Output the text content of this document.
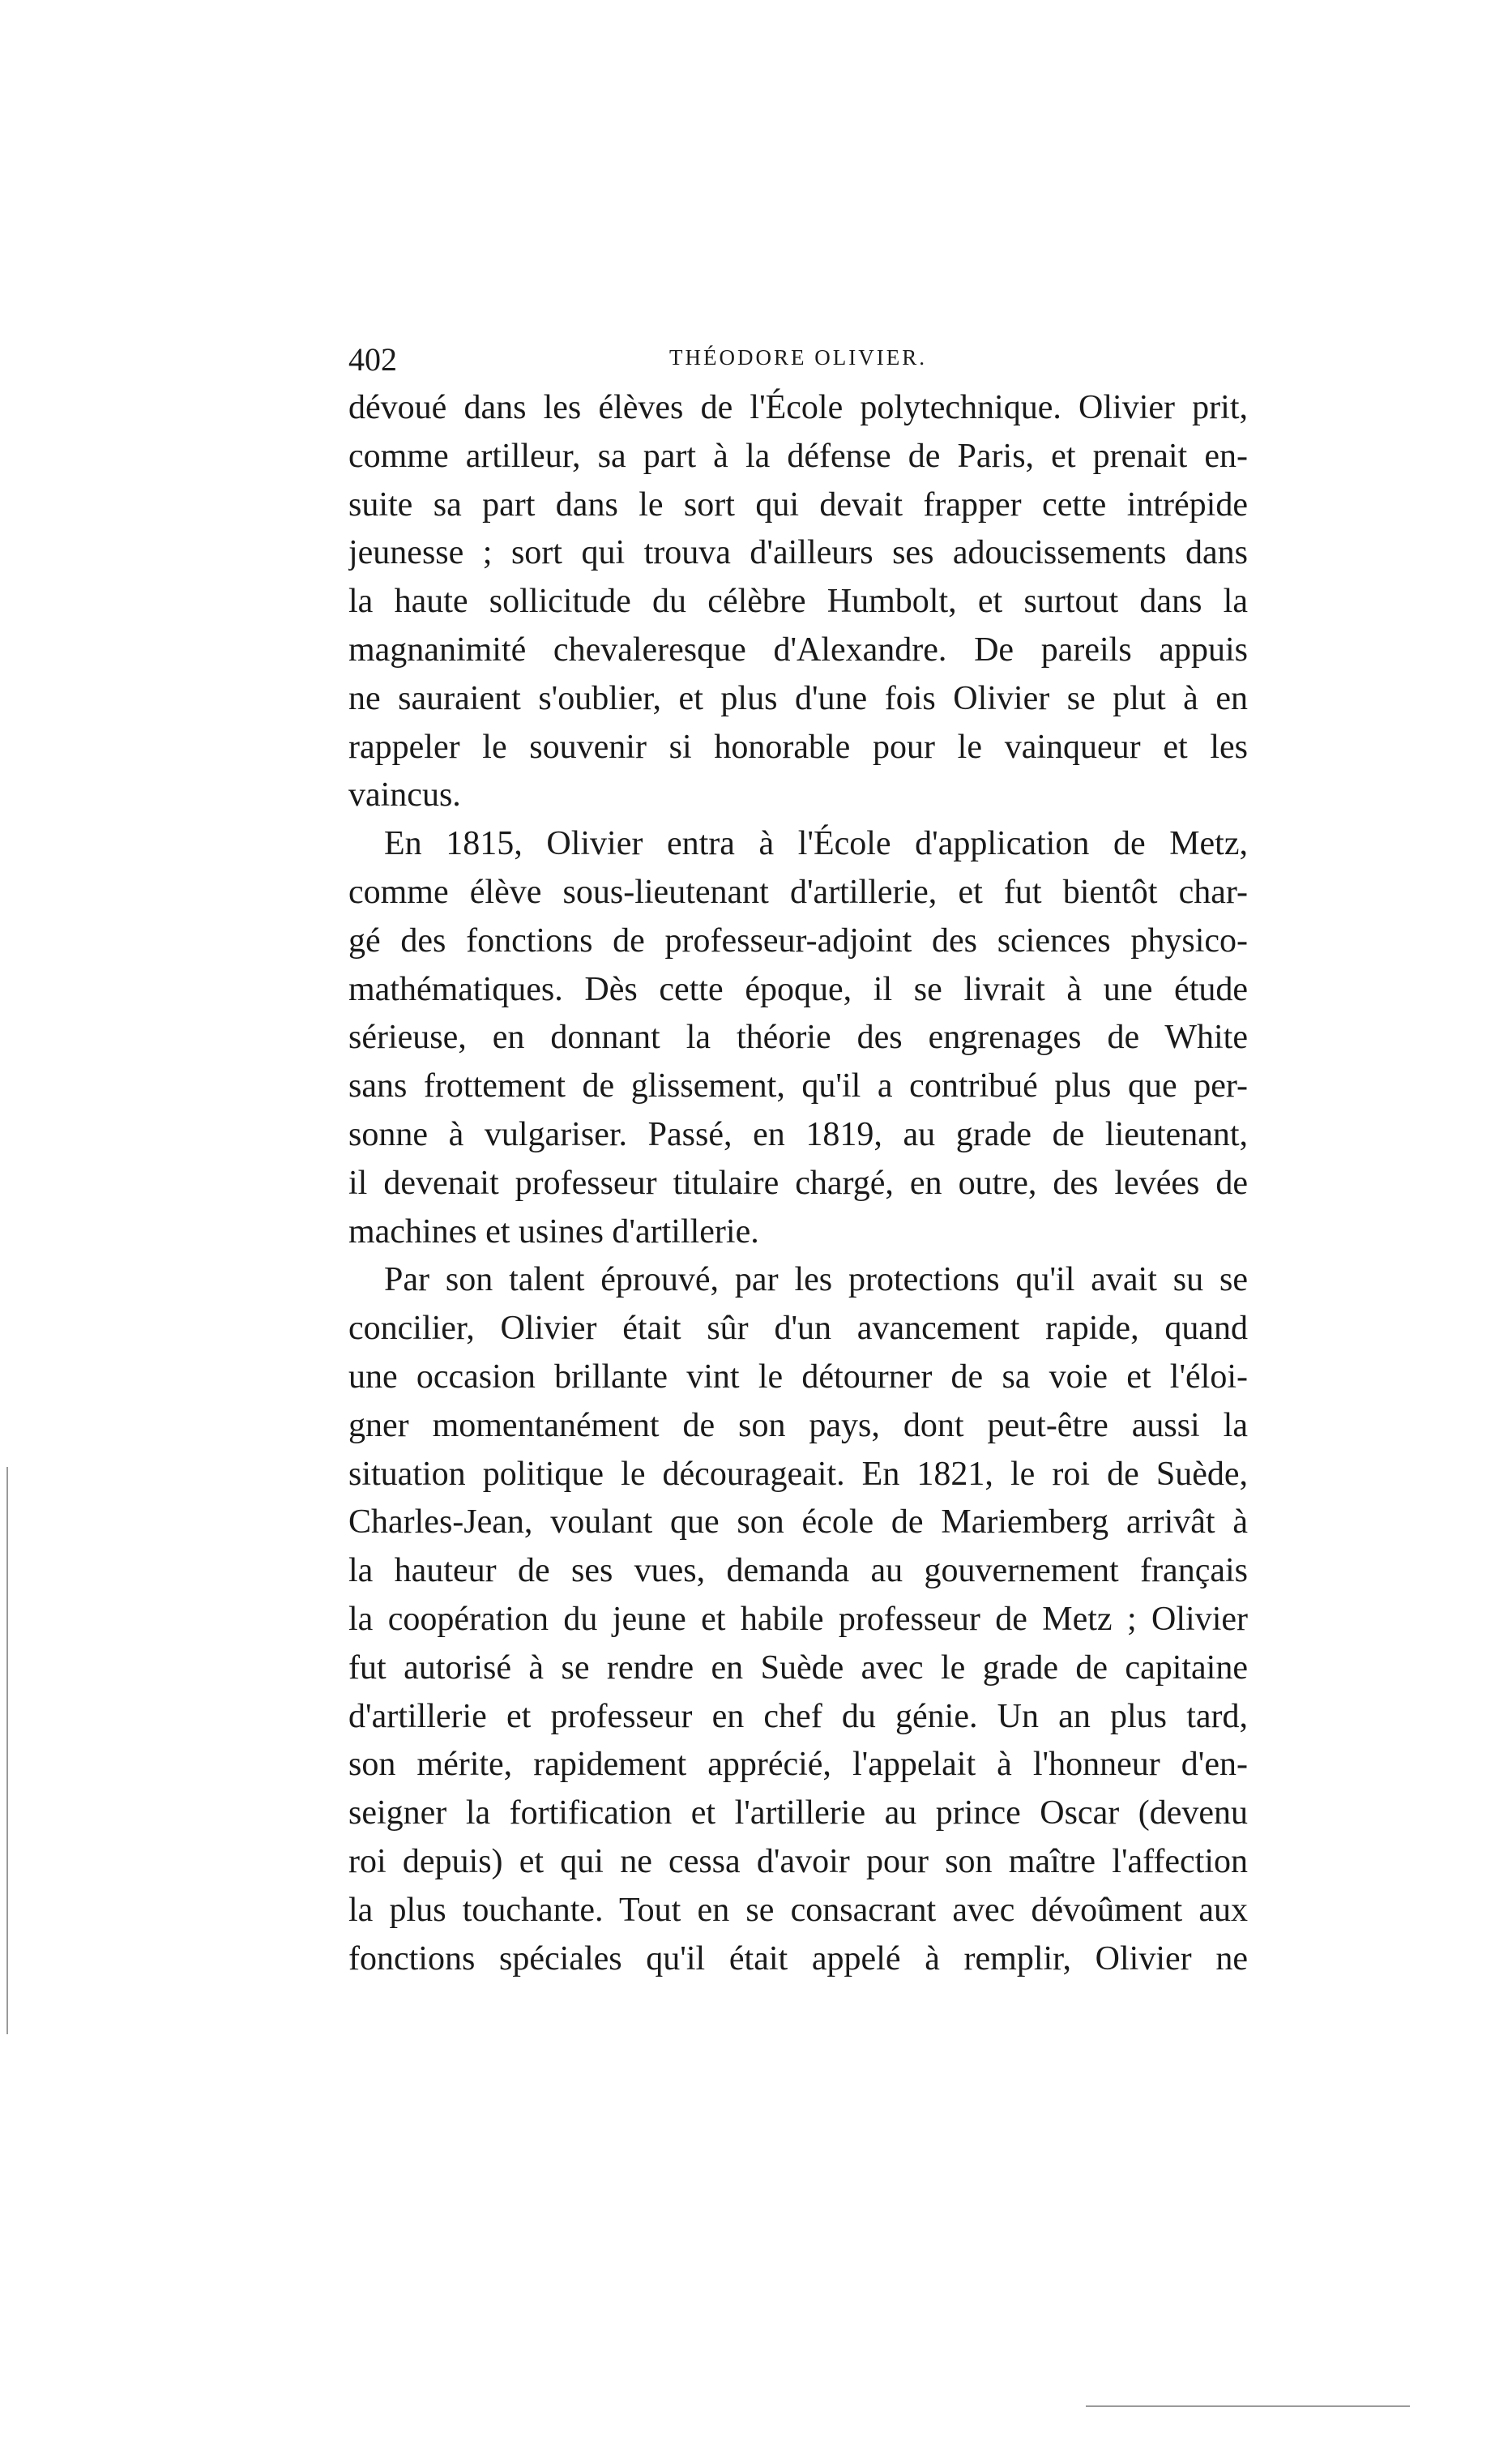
402	THÉODORE OLIVIER.
dévoué dans les élèves de l'École polytechnique. Olivier prit,
comme artilleur, sa part à la défense de Paris, et prenait en-
suite sa part dans le sort qui devait frapper cette intrépide
jeunesse ; sort qui trouva d'ailleurs ses adoucissements dans
la haute sollicitude du célèbre Humbolt, et surtout dans la
magnanimité chevaleresque d'Alexandre. De pareils appuis
ne sauraient s'oublier, et plus d'une fois Olivier se plut à en
rappeler le souvenir si honorable pour le vainqueur et les
vaincus.
En 1815, Olivier entra à l'École d'application de Metz,
comme élève sous-lieutenant d'artillerie, et fut bientôt char-
gé des fonctions de professeur-adjoint des sciences physico-
mathématiques. Dès cette époque, il se livrait à une étude
sérieuse, en donnant la théorie des engrenages de White
sans frottement de glissement, qu'il a contribué plus que per-
sonne à vulgariser. Passé, en 1819, au grade de lieutenant,
il devenait professeur titulaire chargé, en outre, des levées de
machines et usines d'artillerie.
Par son talent éprouvé, par les protections qu'il avait su se
concilier, Olivier était sûr d'un avancement rapide, quand
une occasion brillante vint le détourner de sa voie et l'éloi-
gner momentanément de son pays, dont peut-être aussi la
situation politique le décourageait. En 1821, le roi de Suède,
Charles-Jean, voulant que son école de Mariemberg arrivât à
la hauteur de ses vues, demanda au gouvernement français
la coopération du jeune et habile professeur de Metz ; Olivier
fut autorisé à se rendre en Suède avec le grade de capitaine
d'artillerie et professeur en chef du génie. Un an plus tard,
son mérite, rapidement apprécié, l'appelait à l'honneur d'en-
seigner la fortification et l'artillerie au prince Oscar (devenu
roi depuis) et qui ne cessa d'avoir pour son maître l'affection
la plus touchante. Tout en se consacrant avec dévoûment aux
fonctions spéciales qu'il était appelé à remplir, Olivier ne
